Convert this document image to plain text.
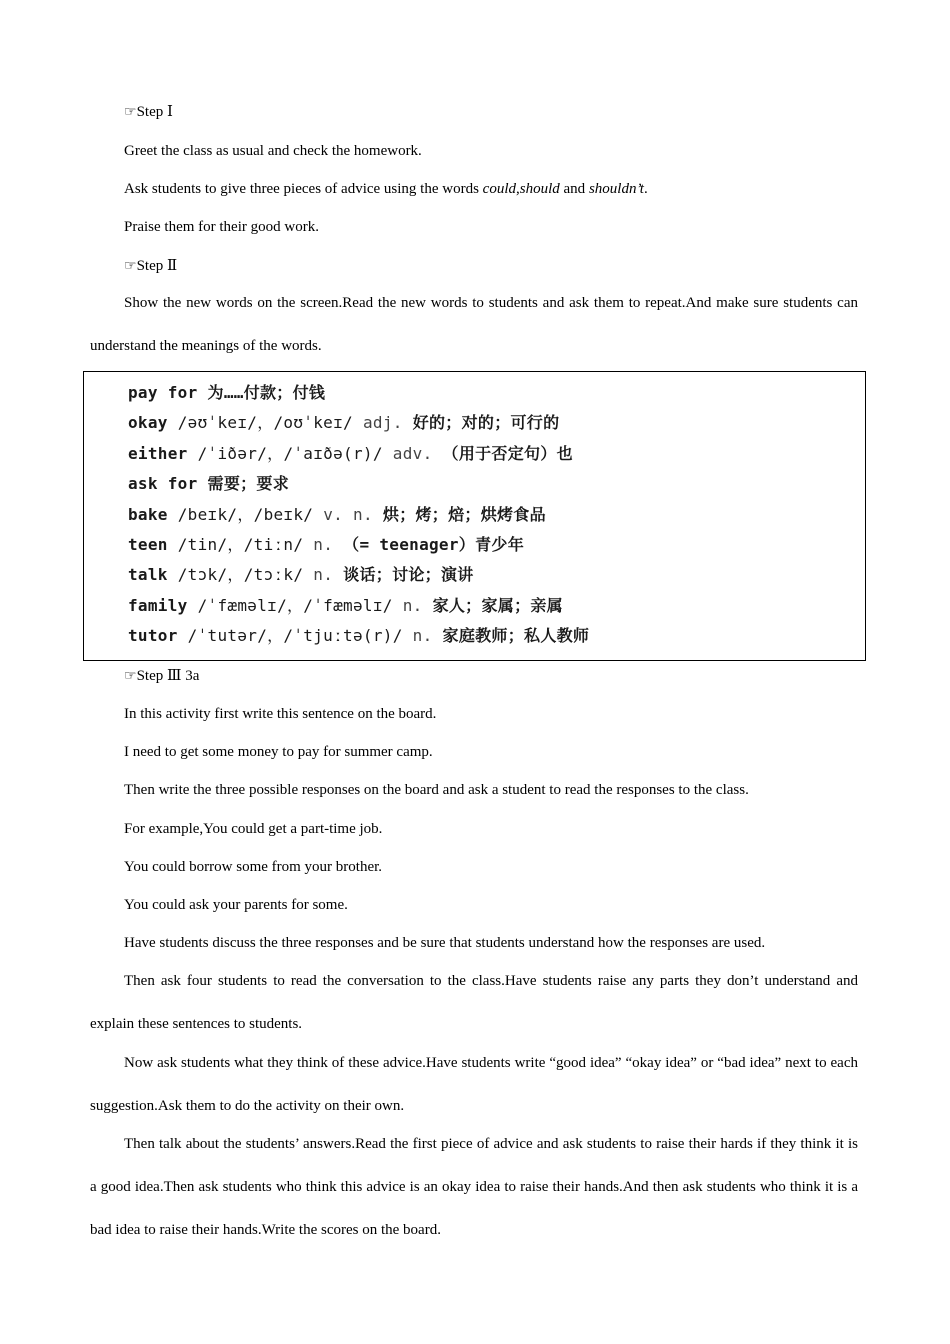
☞Step Ⅰ
Greet the class as usual and check the homework.
Ask students to give three pieces of advice using the words could,should and shouldn’t.
Praise them for their good work.
☞Step Ⅱ
Show the new words on the screen.Read the new words to students and ask them to repeat.And make sure students can understand the meanings of the words.
pay for 为……付款；付钱
okay /əʊˈkeɪ/，/oʊˈkeɪ/ adj. 好的；对的；可行的
either /ˈiðər/，/ˈaɪðə(r)/ adv. （用于否定句）也
ask for 需要；要求
bake /beɪk/，/beɪk/ v. n. 烘；烤；焙；烘烤食品
teen /tin/，/tiːn/ n. （= teenager）青少年
talk /tɔk/，/tɔːk/ n. 谈话；讨论；演讲
family /ˈfæməlɪ/，/ˈfæməlɪ/ n. 家人；家属；亲属
tutor /ˈtutər/，/ˈtjuːtə(r)/ n. 家庭教师；私人教师
☞Step Ⅲ 3a
In this activity first write this sentence on the board.
I need to get some money to pay for summer camp.
Then write the three possible responses on the board and ask a student to read the responses to the class.
For example,You could get a part-time job.
You could borrow some from your brother.
You could ask your parents for some.
Have students discuss the three responses and be sure that students understand how the responses are used.
Then ask four students to read the conversation to the class.Have students raise any parts they don’t understand and explain these sentences to students.
Now ask students what they think of these advice.Have students write “good idea” “okay idea” or “bad idea” next to each suggestion.Ask them to do the activity on their own.
Then talk about the students’ answers.Read the first piece of advice and ask students to raise their hards if they think it is a good idea.Then ask students who think this advice is an okay idea to raise their hands.And then ask students who think it is a bad idea to raise their hands.Write the scores on the board.
